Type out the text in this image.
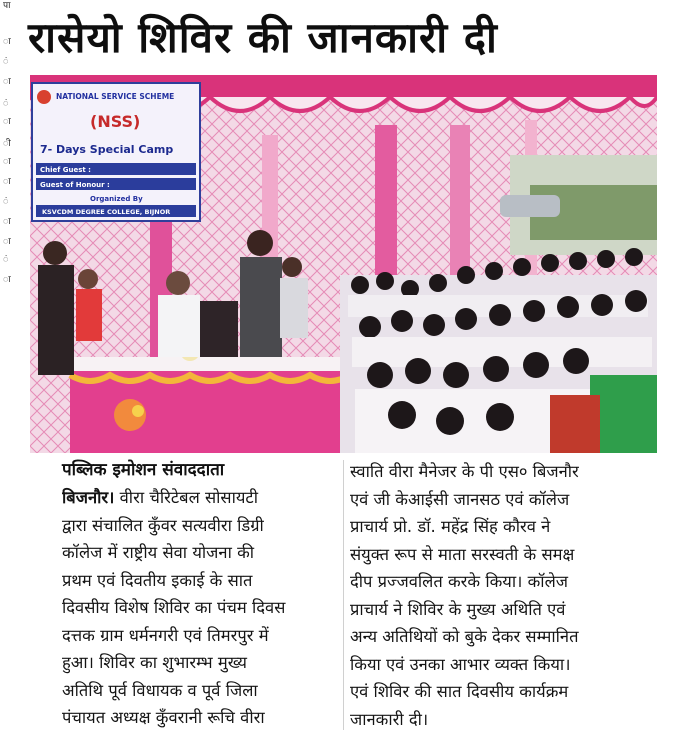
पा
ा
ं
ा
ं
ा
ी
ा
ा
ं
ा
ा
ं
ा
रासेयो शिविर की जानकारी दी
NATIONAL SERVICE SCHEME
(NSS)
7- Days Special Camp
Chief Guest :
Guest of Honour :
Organized By
KSVCDM DEGREE COLLEGE, BIJNOR
पब्लिक इमोशन संवाददाता
बिजनौर। वीरा चैरिटेबल सोसायटी
द्वारा संचालित कुँवर सत्यवीरा डिग्री
कॉलेज में राष्ट्रीय सेवा योजना की
प्रथम एवं दिवतीय इकाई के सात
दिवसीय विशेष शिविर का पंचम दिवस
दत्तक ग्राम धर्मनगरी एवं तिमरपुर में
हुआ। शिविर का शुभारम्भ मुख्य
अतिथि पूर्व विधायक व पूर्व जिला
पंचायत अध्यक्ष कुँवरानी रूचि वीरा
स्वाति वीरा मैनेजर के पी एस० बिजनौर
एवं जी केआईसी जानसठ एवं कॉलेज
प्राचार्य प्रो. डॉ. महेंद्र सिंह कौरव ने
संयुक्त रूप से माता सरस्वती के समक्ष
दीप प्रज्जवलित करके किया। कॉलेज
प्राचार्य ने शिविर के मुख्य अथिति एवं
अन्य अतिथियों को बुके देकर सम्मानित
किया एवं उनका आभार व्यक्त किया।
एवं शिविर की सात दिवसीय कार्यक्रम
जानकारी दी।
